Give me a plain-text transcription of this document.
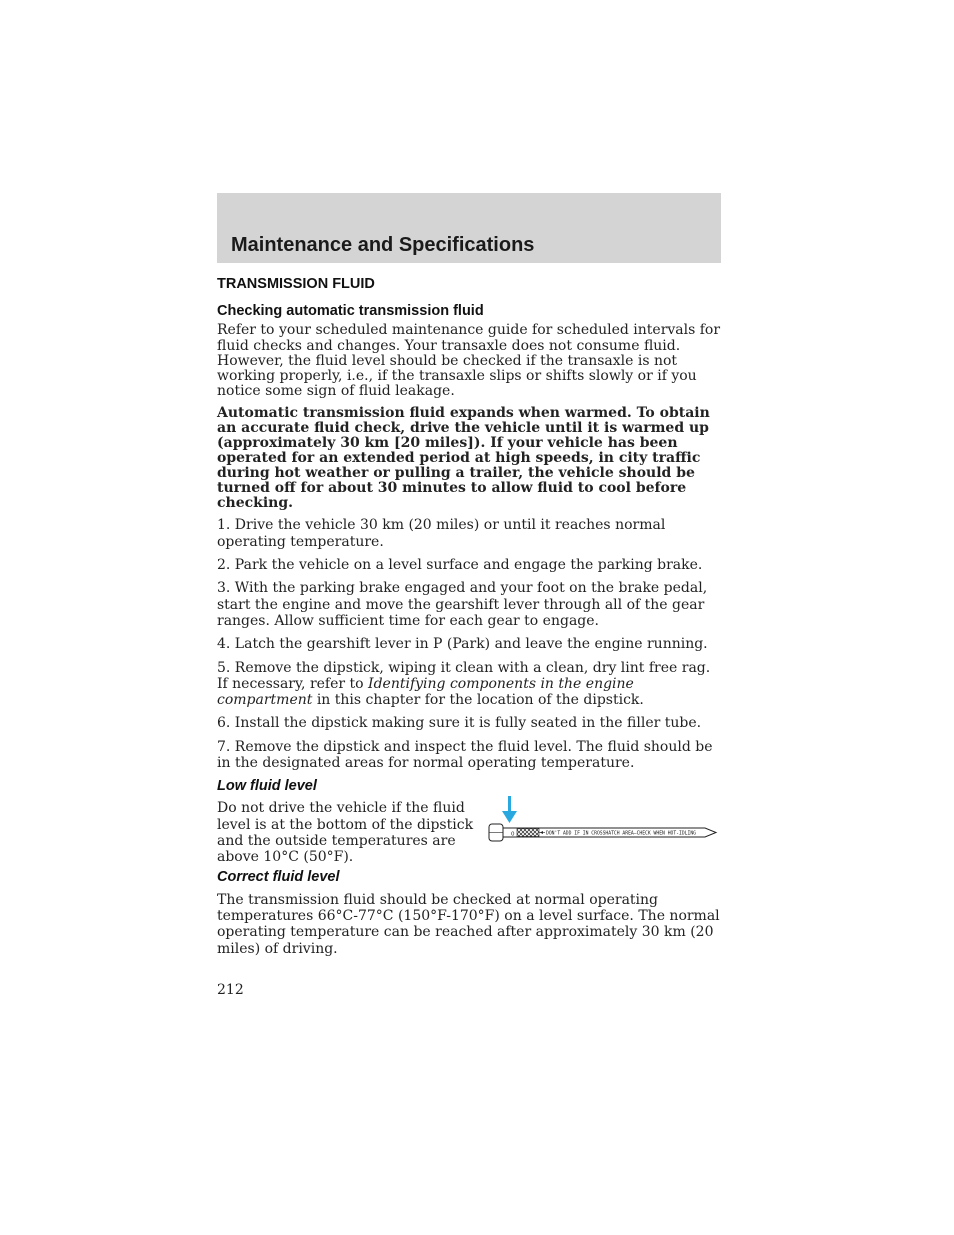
Maintenance and Specifications
TRANSMISSION FLUID
Checking automatic transmission fluid

Refer to your scheduled maintenance guide for scheduled intervals for fluid checks and changes. Your transaxle does not consume fluid. However, the fluid level should be checked if the transaxle is not working properly, i.e., if the transaxle slips or shifts slowly or if you notice some sign of fluid leakage.

Automatic transmission fluid expands when warmed. To obtain an accurate fluid check, drive the vehicle until it is warmed up (approximately 30 km [20 miles]). If your vehicle has been operated for an extended period at high speeds, in city traffic during hot weather or pulling a trailer, the vehicle should be turned off for about 30 minutes to allow fluid to cool before checking.

1. Drive the vehicle 30 km (20 miles) or until it reaches normal operating temperature.

2. Park the vehicle on a level surface and engage the parking brake.

3. With the parking brake engaged and your foot on the brake pedal, start the engine and move the gearshift lever through all of the gear ranges. Allow sufficient time for each gear to engage.

4. Latch the gearshift lever in P (Park) and leave the engine running.

5. Remove the dipstick, wiping it clean with a clean, dry lint free rag. If necessary, refer to Identifying components in the engine compartment in this chapter for the location of the dipstick.

6. Install the dipstick making sure it is fully seated in the filler tube.

7. Remove the dipstick and inspect the fluid level. The fluid should be in the designated areas for normal operating temperature.

Low fluid level
Do not drive the vehicle if the fluid level is at the bottom of the dipstick and the outside temperatures are above 10°C (50°F).
0	DON'T ADD IF IN CROSSHATCH AREA–CHECK WHEN HOT-IDLING
Correct fluid level

The transmission fluid should be checked at normal operating temperatures 66°C-77°C (150°F-170°F) on a level surface. The normal operating temperature can be reached after approximately 30 km (20 miles) of driving.

212
